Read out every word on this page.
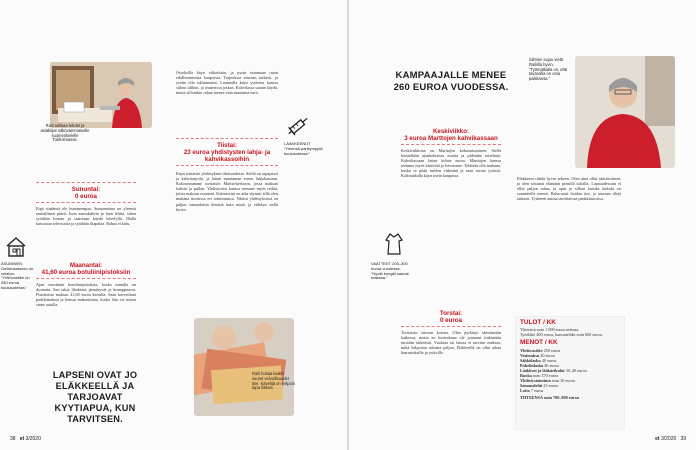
Raili tulkkaa lehdet ja asiakirjat näkövammaiselle suomenkielelle Tukholmassa.
Sununtai:
0 euroa
Eipä sinäänsä ole kummempaa. Sunnuntaina on yleensä rauhallinen päivä. Juon aamukahvia ja luen lehtiä, sitten syödään lounas ja saatetaan käydä kävelyllä. Illalla katsotaan televisiota ja syödään iltapalaa. Rahaa ei kulu.
ASUMINEN Omistusasunto on velaton. "Yhtiövastike on 250 euroa kuukaudessa."
Maanantai:
41,60 euroa botuliinipistoksiin
Ajan vuosittain botuliinipistoksia, koska minulla on dystonia. Sen takia lihakseni jännittyvät ja kramppaavat. Pistoksista maksan 41,60 euroa kerralla. Saan kaveriltani parkkimaksut ja bensat maksettuina, koska hän vie minut sinne autolla.
LAPSENI OVAT JO ELÄKKEELLÄ JA TARJOAVAT KYYTIAPUA, KUN TARVITSEN.
Ostoksilla käyn viikoittain, ja pyrin ostamaan ruoat edullisemmista kaupoista. Tarjouksia seuraan tarkasti, ja yritän olla tuhlaamatta. Lounaalla käyn ystävien kanssa silloin tällöin, ja teatterissa joskus. Kahvilassa saatan käydä, mutta silloinkin rahaa menee vain muutama euro.
LÄÄKKEENOT "Yleensä parikymppiä kuukaudessa."
Tiistai:
23 euroa yhdistysten lahja- ja kahvikassoihin
Käyn tiistaisin yhdistyksen tilaisuudessa. Siellä on arpajaiset ja kahvitarjoilu, ja laitan muutaman euron lahjakassaan. Kokoonnumme torstaisin Martta-kerhoon, jossa maksan kahvin ja pullan. Yhdistysten kanssa teemme myös retkiä, joista maksan osuuteni. Kalenterini on aika täynnä, sillä olen mukana monessa eri toiminnassa. Näissä yhdistyksissä on paljon samanlaisia ihmisiä kuin minä, ja viihdyn siellä hyvin.
Raili hoitaa kaikki suuret velvollisuudet itse. Kävelijä on helpoin tapa liikkua.
38 et 3/2020
KAMPAAJALLE MENEE 260 EUROA VUODESSA.
Keskiviikko:
3 euroa Marttojen kahvikassaan
Keskiviikkona on Marttojen kokoontuminen. Siellä käsitellään ajankohtaisia asioita ja pidetään esitelmiä. Kahvikassaan laitan kolme euroa. Marttojen kanssa teemme myös käsitöitä ja leivomme. Tykkään olla mukana, koska se pitää mielen virkeänä ja saan tavata ystäviä. Kotimatkalla käyn usein kaupassa.
VAATTEET 200–300 euroa vuodessa. "Hyvät kengät saavat maksaa."
Torstai:
0 euroa
Torstaisin siivoan kotona. Olen pyrkinyt säästämään kaikessa, mutta en kuitenkaan ole joutunut tinkimään mistään tärkeästä. Vuokraa tai lainaa ei tarvitse maksaa, mikä helpottaa taloutta paljon. Eläkkeellä on ollut aikaa harrastuksille ja ystäville.
Silmien sujuu vielä Railiilla hyvin. "Työmatkalla on, että tavaroilla on oma paikkansa."
Eläkkeeni riittää hyvin arkeen. Olen aina ollut säästäväinen, ja olen tottunut elämään pienillä tuloilla. Lapsuudessani ei ollut paljon rahaa, ja opin jo silloin kuinka tärkeää on suunnitella menot. Raha-asiat hoidan itse, ja seuraan tilejä tarkasti. Tyttäreni auttaa tarvittaessa pankkiasioissa.
TULOT / KK
Yhteensä noin 1 000 euroa nettona.
Työeläke 400 euroa, kansaneläke noin 600 euroa.
MENOT / KK
Yhtiövastike 250 euroa
Vesimaksu 20 euroa
Sähkölasku 40 euroa
Puhelinlasku 40 euroa
Lääkkeet ja lääkärikulut 30–40 euroa
Ruoka noin 370 euroa
Yhdistystoiminta noin 30 euroa
Sanomalehti 25 euroa
Lotto 7 euroa
YHTEENSÄ noin 700–800 euroa
et 3/2020 39
